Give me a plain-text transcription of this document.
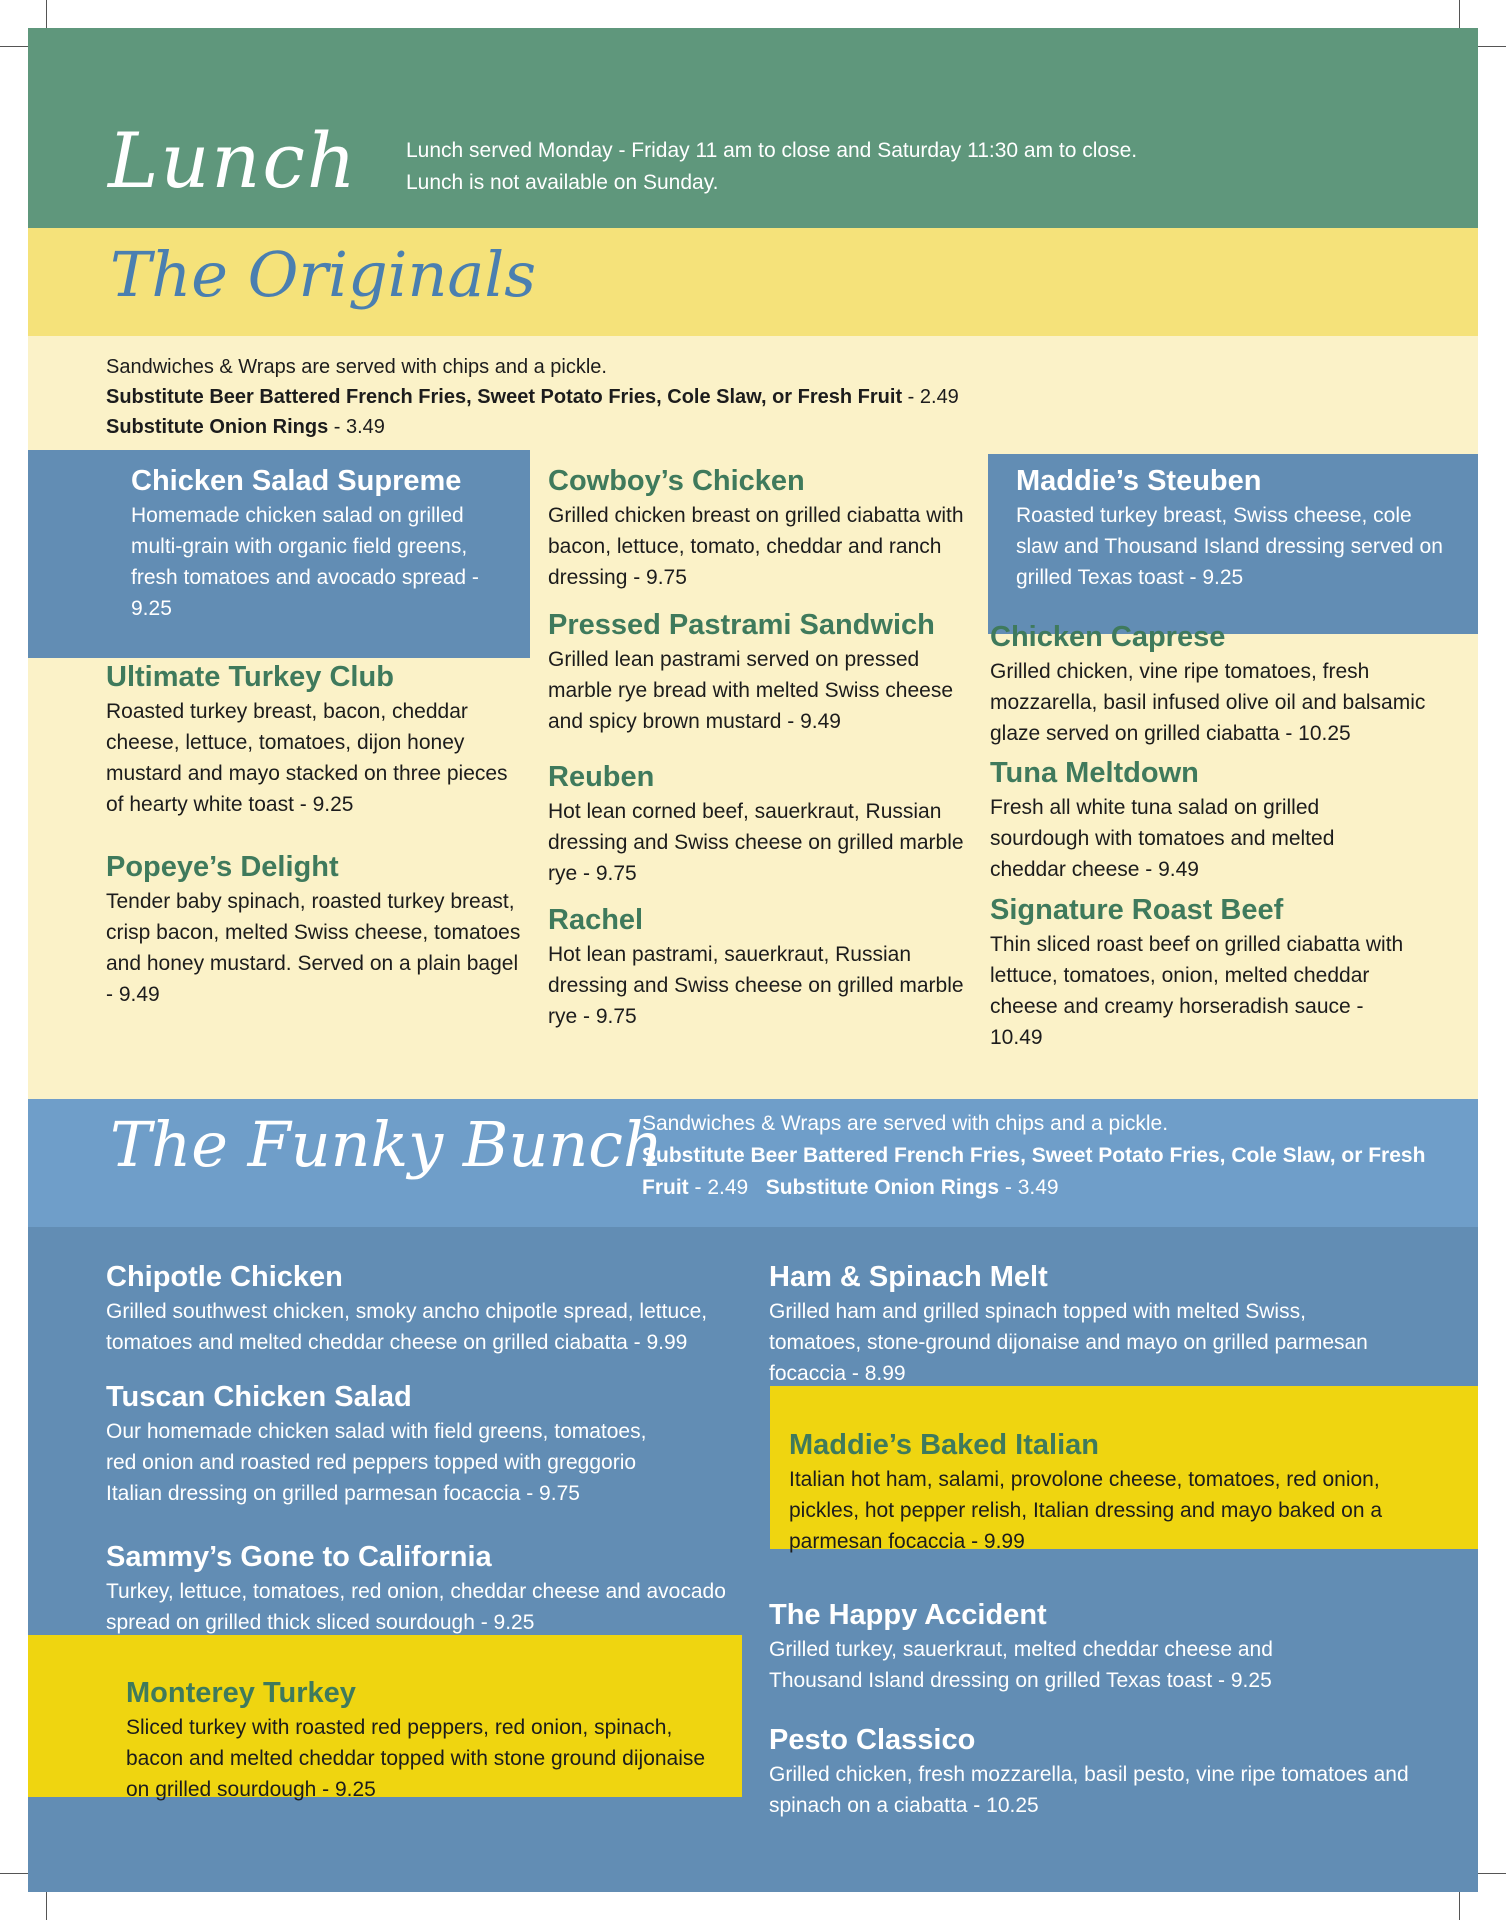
Lunch Lunch served Monday - Friday 11 am to close and Saturday 11:30 am to close.
Lunch is not available on Sunday.
The Originals
Sandwiches & Wraps are served with chips and a pickle.
Substitute Beer Battered French Fries, Sweet Potato Fries, Cole Slaw, or Fresh Fruit - 2.49
Substitute Onion Rings - 3.49
Chicken Salad Supreme
Homemade chicken salad on grilled multi-grain with organic field greens, fresh tomatoes and avocado spread - 9.25
Ultimate Turkey Club
Roasted turkey breast, bacon, cheddar cheese, lettuce, tomatoes, dijon honey mustard and mayo stacked on three pieces of hearty white toast - 9.25
Popeye’s Delight
Tender baby spinach, roasted turkey breast, crisp bacon, melted Swiss cheese, tomatoes and honey mustard. Served on a plain bagel - 9.49
Cowboy’s Chicken
Grilled chicken breast on grilled ciabatta with bacon, lettuce, tomato, cheddar and ranch dressing - 9.75
Pressed Pastrami Sandwich
Grilled lean pastrami served on pressed marble rye bread with melted Swiss cheese and spicy brown mustard - 9.49
Reuben
Hot lean corned beef, sauerkraut, Russian dressing and Swiss cheese on grilled marble rye - 9.75
Rachel
Hot lean pastrami, sauerkraut, Russian dressing and Swiss cheese on grilled marble rye - 9.75
Maddie’s Steuben
Roasted turkey breast, Swiss cheese, cole slaw and Thousand Island dressing served on grilled Texas toast - 9.25
Chicken Caprese
Grilled chicken, vine ripe tomatoes, fresh mozzarella, basil infused olive oil and balsamic glaze served on grilled ciabatta - 10.25
Tuna Meltdown
Fresh all white tuna salad on grilled sourdough with tomatoes and melted cheddar cheese - 9.49
Signature Roast Beef
Thin sliced roast beef on grilled ciabatta with lettuce, tomatoes, onion, melted cheddar cheese and creamy horseradish sauce - 10.49
The Funky Bunch
Sandwiches & Wraps are served with chips and a pickle.
Substitute Beer Battered French Fries, Sweet Potato Fries, Cole Slaw, or Fresh Fruit - 2.49 Substitute Onion Rings - 3.49
Chipotle Chicken
Grilled southwest chicken, smoky ancho chipotle spread, lettuce, tomatoes and melted cheddar cheese on grilled ciabatta - 9.99
Tuscan Chicken Salad
Our homemade chicken salad with field greens, tomatoes, red onion and roasted red peppers topped with greggorio Italian dressing on grilled parmesan focaccia - 9.75
Sammy’s Gone to California
Turkey, lettuce, tomatoes, red onion, cheddar cheese and avocado spread on grilled thick sliced sourdough - 9.25
Monterey Turkey
Sliced turkey with roasted red peppers, red onion, spinach, bacon and melted cheddar topped with stone ground dijonaise on grilled sourdough - 9.25
Ham & Spinach Melt
Grilled ham and grilled spinach topped with melted Swiss, tomatoes, stone-ground dijonaise and mayo on grilled parmesan focaccia - 8.99
Maddie’s Baked Italian
Italian hot ham, salami, provolone cheese, tomatoes, red onion, pickles, hot pepper relish, Italian dressing and mayo baked on a parmesan focaccia - 9.99
The Happy Accident
Grilled turkey, sauerkraut, melted cheddar cheese and Thousand Island dressing on grilled Texas toast - 9.25
Pesto Classico
Grilled chicken, fresh mozzarella, basil pesto, vine ripe tomatoes and spinach on a ciabatta - 10.25
